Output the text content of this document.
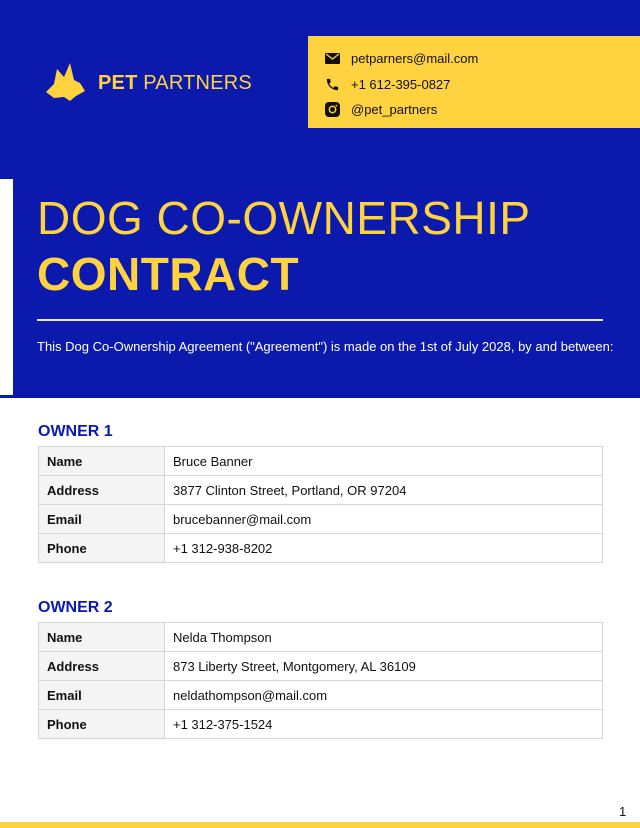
PET PARTNERS
petparners@mail.com
+1 612-395-0827
@pet_partners
DOG CO-OWNERSHIP
CONTRACT
This Dog Co-Ownership Agreement ("Agreement") is made on the 1st of July 2028, by and between:
OWNER 1
Name	Bruce Banner
Address	3877 Clinton Street, Portland, OR 97204
Email	brucebanner@mail.com
Phone	+1 312-938-8202
OWNER 2
Name	Nelda Thompson
Address	873 Liberty Street, Montgomery, AL 36109
Email	neldathompson@mail.com
Phone	+1 312-375-1524
1
